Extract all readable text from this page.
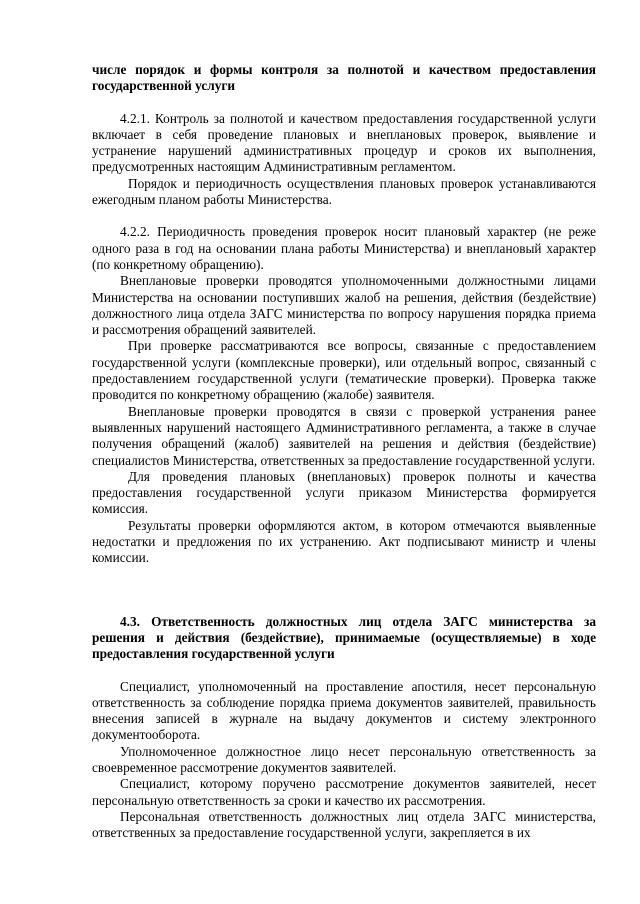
числе порядок и формы контроля за полнотой и качеством предоставления государственной услуги

4.2.1. Контроль за полнотой и качеством предоставления государственной услуги включает в себя проведение плановых и внеплановых проверок, выявление и устранение нарушений административных процедур и сроков их выполнения, предусмотренных настоящим Административным регламентом.

Порядок и периодичность осуществления плановых проверок устанавливаются ежегодным планом работы Министерства.

4.2.2. Периодичность проведения проверок носит плановый характер (не реже одного раза в год на основании плана работы Министерства) и внеплановый характер (по конкретному обращению).

Внеплановые проверки проводятся уполномоченными должностными лицами Министерства на основании поступивших жалоб на решения, действия (бездействие) должностного лица отдела ЗАГС министерства по вопросу нарушения порядка приема и рассмотрения обращений заявителей.

При проверке рассматриваются все вопросы, связанные с предоставлением государственной услуги (комплексные проверки), или отдельный вопрос, связанный с предоставлением государственной услуги (тематические проверки). Проверка также проводится по конкретному обращению (жалобе) заявителя.

Внеплановые проверки проводятся в связи с проверкой устранения ранее выявленных нарушений настоящего Административного регламента, а также в случае получения обращений (жалоб) заявителей на решения и действия (бездействие) специалистов Министерства, ответственных за предоставление государственной услуги.

Для проведения плановых (внеплановых) проверок полноты и качества предоставления государственной услуги приказом Министерства формируется комиссия.

Результаты проверки оформляются актом, в котором отмечаются выявленные недостатки и предложения по их устранению. Акт подписывают министр и члены комиссии.

4.3. Ответственность должностных лиц отдела ЗАГС министерства за решения и действия (бездействие), принимаемые (осуществляемые) в ходе предоставления государственной услуги

Специалист, уполномоченный на проставление апостиля, несет персональную ответственность за соблюдение порядка приема документов заявителей, правильность внесения записей в журнале на выдачу документов и систему электронного документооборота.

Уполномоченное должностное лицо несет персональную ответственность за своевременное рассмотрение документов заявителей.

Специалист, которому поручено рассмотрение документов заявителей, несет персональную ответственность за сроки и качество их рассмотрения.

Персональная ответственность должностных лиц отдела ЗАГС министерства, ответственных за предоставление государственной услуги, закрепляется в их
